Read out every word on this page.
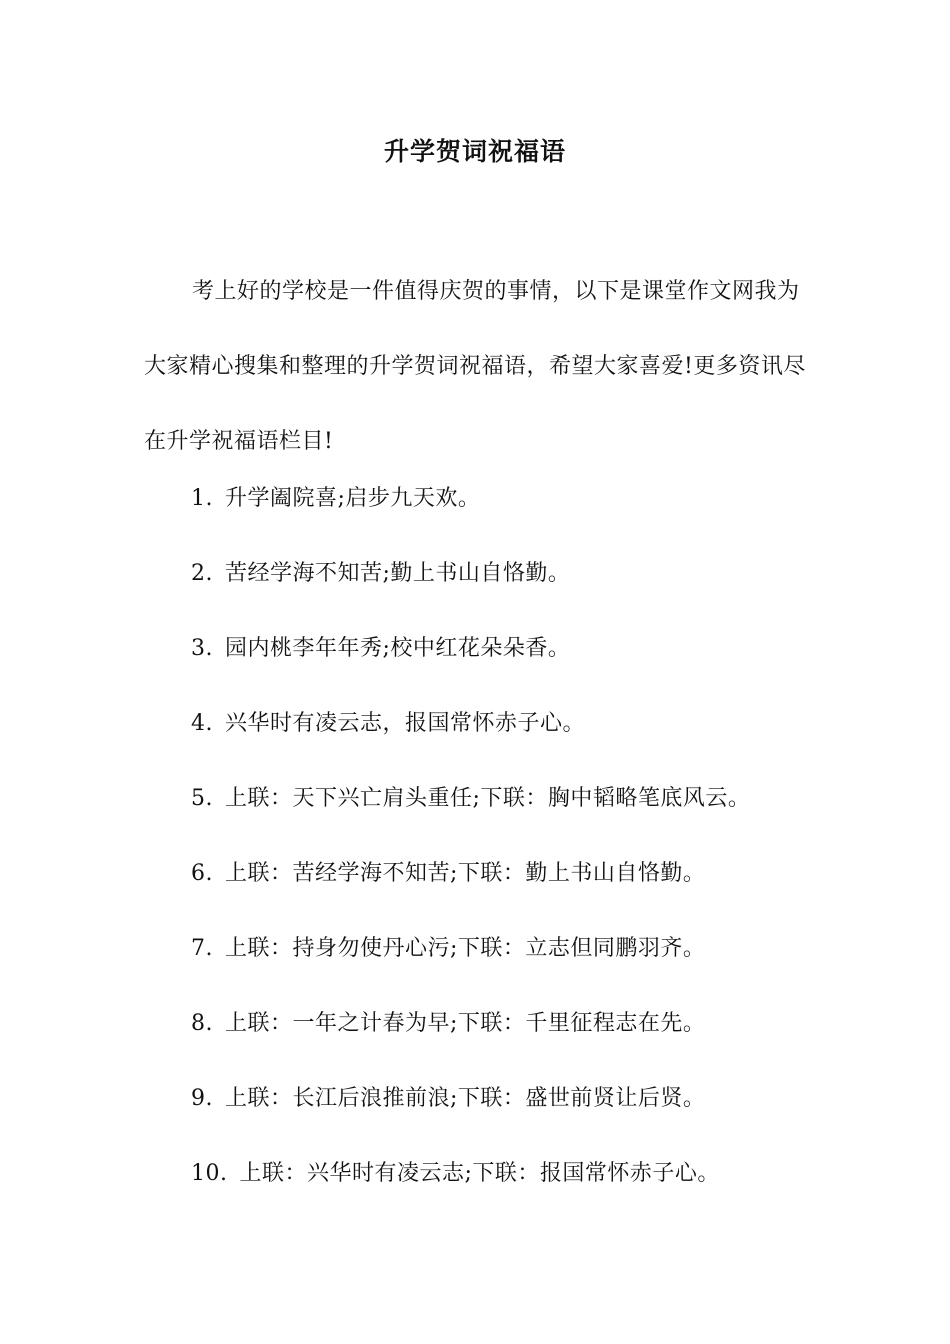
升学贺词祝福语

考上好的学校是一件值得庆贺的事情，以下是课堂作文网我为大家精心搜集和整理的升学贺词祝福语，希望大家喜爱!更多资讯尽在升学祝福语栏目!

1. 升学阖院喜;启步九天欢。
2. 苦经学海不知苦;勤上书山自恪勤。
3. 园内桃李年年秀;校中红花朵朵香。
4. 兴华时有凌云志，报国常怀赤子心。
5. 上联：天下兴亡肩头重任;下联：胸中韬略笔底风云。
6. 上联：苦经学海不知苦;下联：勤上书山自恪勤。
7. 上联：持身勿使丹心污;下联：立志但同鹏羽齐。
8. 上联：一年之计春为早;下联：千里征程志在先。
9. 上联：长江后浪推前浪;下联：盛世前贤让后贤。
10. 上联：兴华时有凌云志;下联：报国常怀赤子心。
